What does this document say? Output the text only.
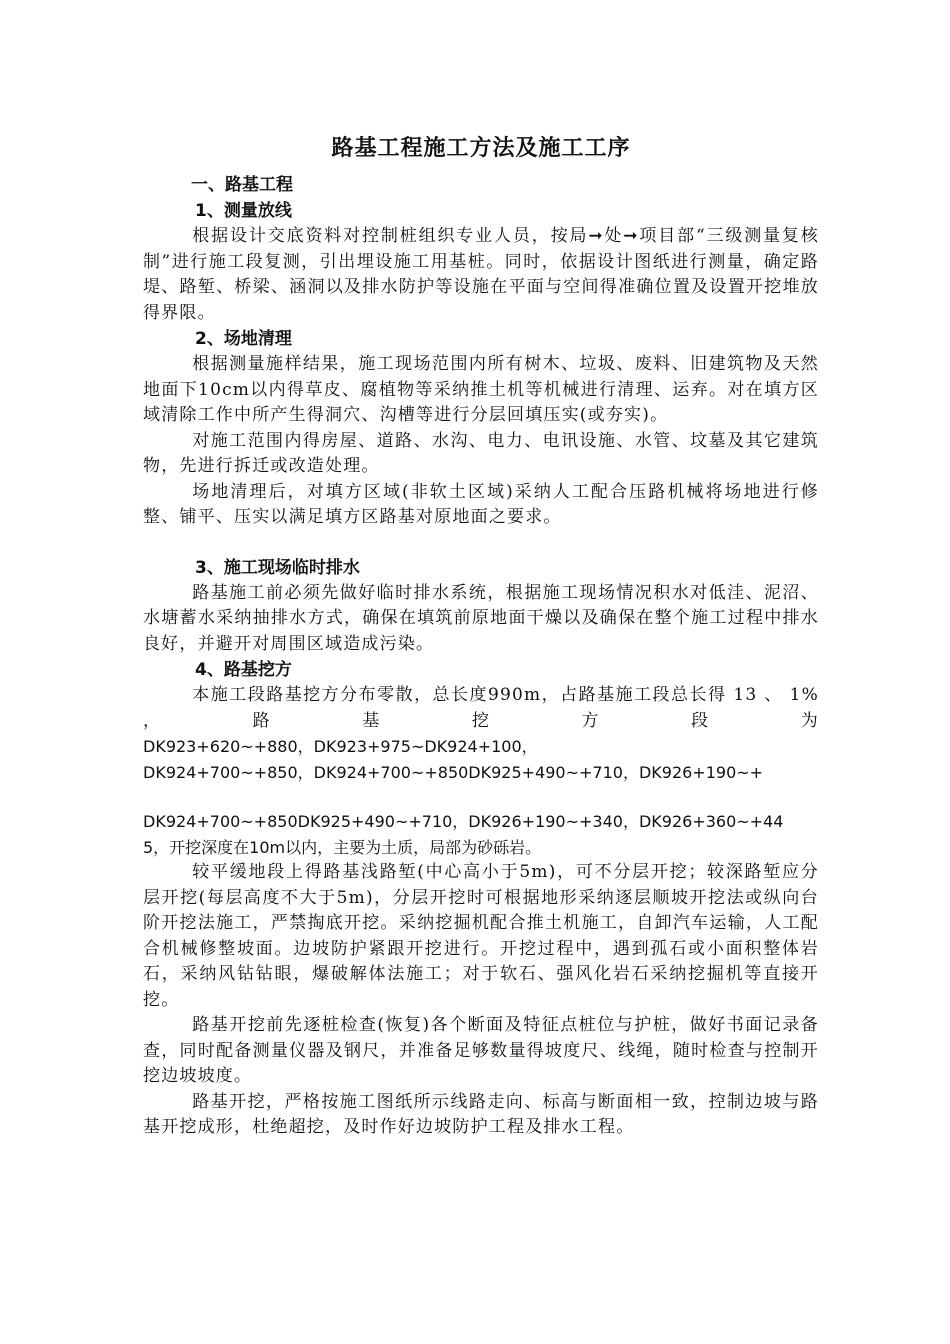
路基工程施工方法及施工工序
一、路基工程
1、测量放线

根据设计交底资料对控制桩组织专业人员，按局➞处➞项目部“三级测量复核制”进行施工段复测，引出埋设施工用基桩。同时，依据设计图纸进行测量，确定路堤、路堑、桥梁、涵洞以及排水防护等设施在平面与空间得准确位置及设置开挖堆放得界限。

2、场地清理

根据测量施样结果，施工现场范围内所有树木、垃圾、废料、旧建筑物及天然地面下10cm以内得草皮、腐植物等采纳推土机等机械进行清理、运弃。对在填方区域清除工作中所产生得洞穴、沟槽等进行分层回填压实(或夯实)。

对施工范围内得房屋、道路、水沟、电力、电讯设施、水管、坟墓及其它建筑物，先进行拆迁或改造处理。

场地清理后，对填方区域(非软土区域)采纳人工配合压路机械将场地进行修整、铺平、压实以满足填方区路基对原地面之要求。

3、施工现场临时排水

路基施工前必须先做好临时排水系统，根据施工现场情况积水对低洼、泥沼、水塘蓄水采纳抽排水方式，确保在填筑前原地面干燥以及确保在整个施工过程中排水良好，并避开对周围区域造成污染。

4、路基挖方

本施工段路基挖方分布零散，总长度990m，占路基施工段总长得 13 、 1% ， 路 基 挖 方 段 为

DK923+620~+880，DK923+975~DK924+100，
DK924+700~+850，DK924+700~+850DK925+490~+710，DK926+190~+
DK924+700~+850DK925+490~+710，DK926+190~+340，DK926+360~+44
5，开挖深度在10m以内，主要为土质，局部为砂砾岩。

较平缓地段上得路基浅路堑(中心高小于5m)，可不分层开挖；较深路堑应分层开挖(每层高度不大于5m)，分层开挖时可根据地形采纳逐层顺坡开挖法或纵向台阶开挖法施工，严禁掏底开挖。采纳挖掘机配合推土机施工，自卸汽车运输，人工配合机械修整坡面。边坡防护紧跟开挖进行。开挖过程中，遇到孤石或小面积整体岩石，采纳风钻钻眼，爆破解体法施工；对于软石、强风化岩石采纳挖掘机等直接开挖。

路基开挖前先逐桩检查(恢复)各个断面及特征点桩位与护桩，做好书面记录备查，同时配备测量仪器及钢尺，并准备足够数量得坡度尺、线绳，随时检查与控制开挖边坡坡度。

路基开挖，严格按施工图纸所示线路走向、标高与断面相一致，控制边坡与路基开挖成形，杜绝超挖，及时作好边坡防护工程及排水工程。
